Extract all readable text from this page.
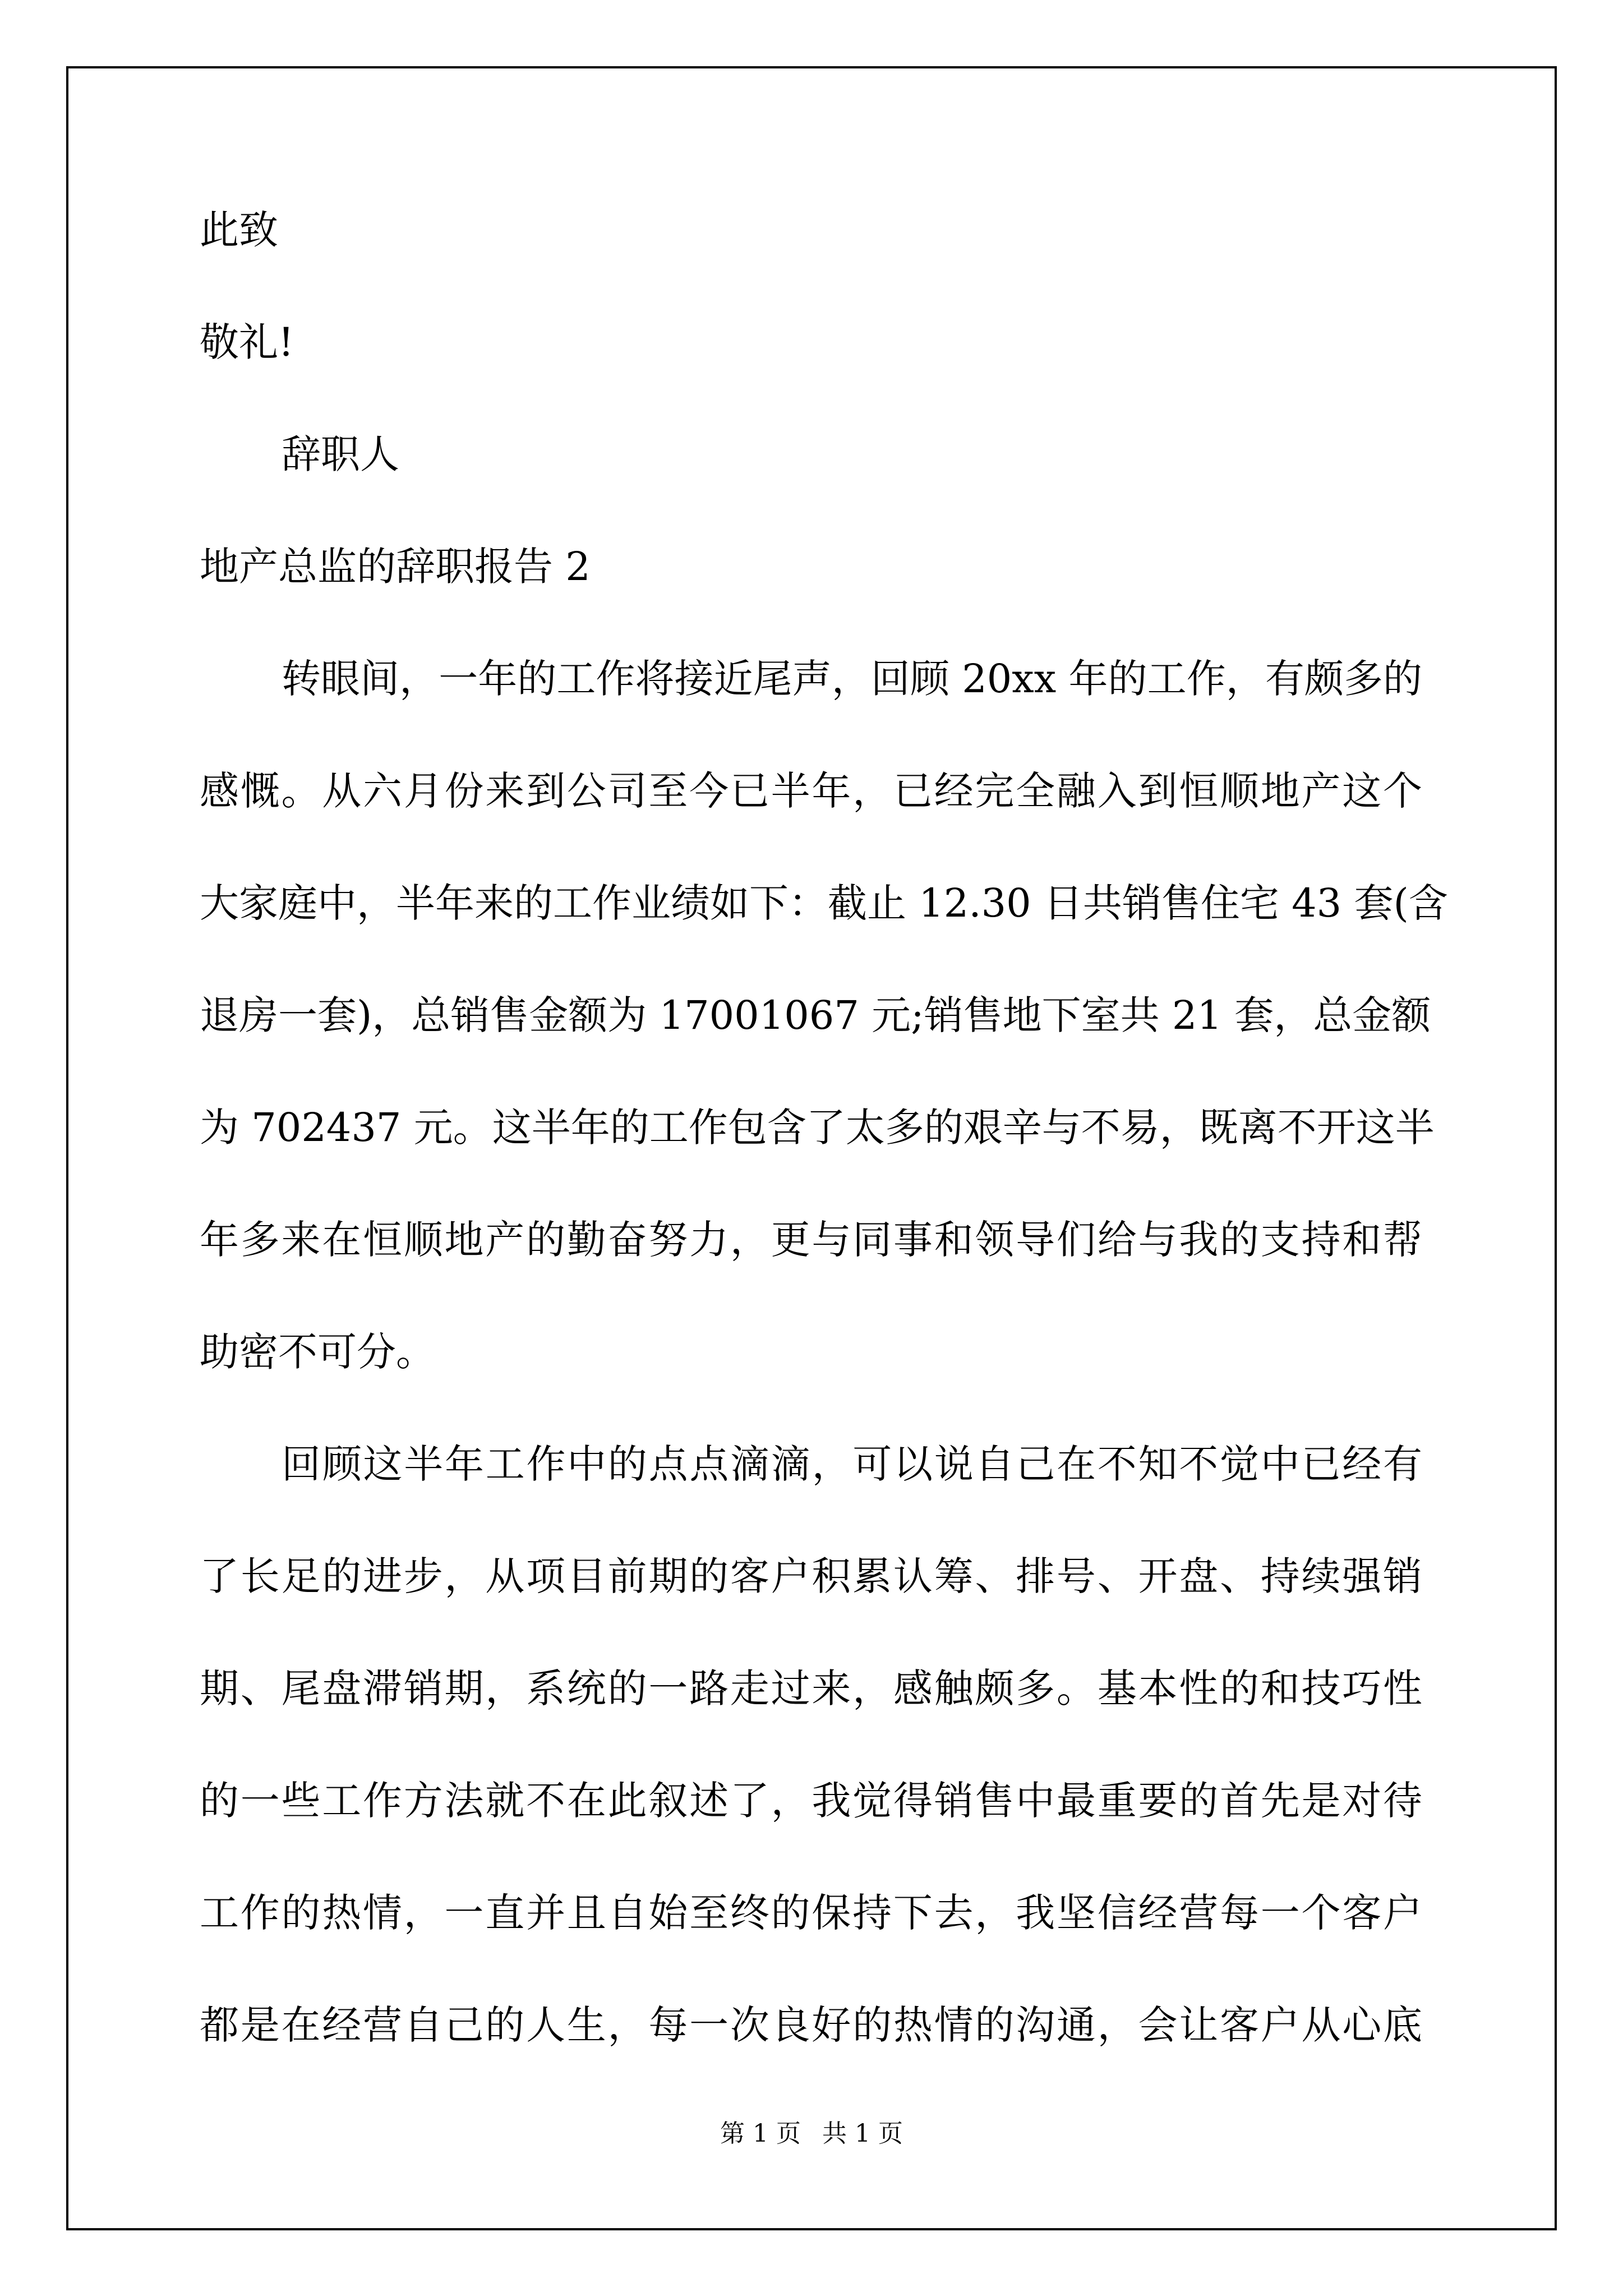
此致
敬礼!
辞职人
地产总监的辞职报告 2
转眼间，一年的工作将接近尾声，回顾 20xx 年的工作，有颇多的
感慨。从六月份来到公司至今已半年，已经完全融入到恒顺地产这个
大家庭中，半年来的工作业绩如下：截止 12.30 日共销售住宅 43 套(含
退房一套)，总销售金额为 17001067 元;销售地下室共 21 套，总金额
为 702437 元。这半年的工作包含了太多的艰辛与不易，既离不开这半
年多来在恒顺地产的勤奋努力，更与同事和领导们给与我的支持和帮
助密不可分。
回顾这半年工作中的点点滴滴，可以说自己在不知不觉中已经有
了长足的进步，从项目前期的客户积累认筹、排号、开盘、持续强销
期、尾盘滞销期，系统的一路走过来，感触颇多。基本性的和技巧性
的一些工作方法就不在此叙述了，我觉得销售中最重要的首先是对待
工作的热情，一直并且自始至终的保持下去，我坚信经营每一个客户
都是在经营自己的人生，每一次良好的热情的沟通，会让客户从心底
第 1 页 共 1 页
